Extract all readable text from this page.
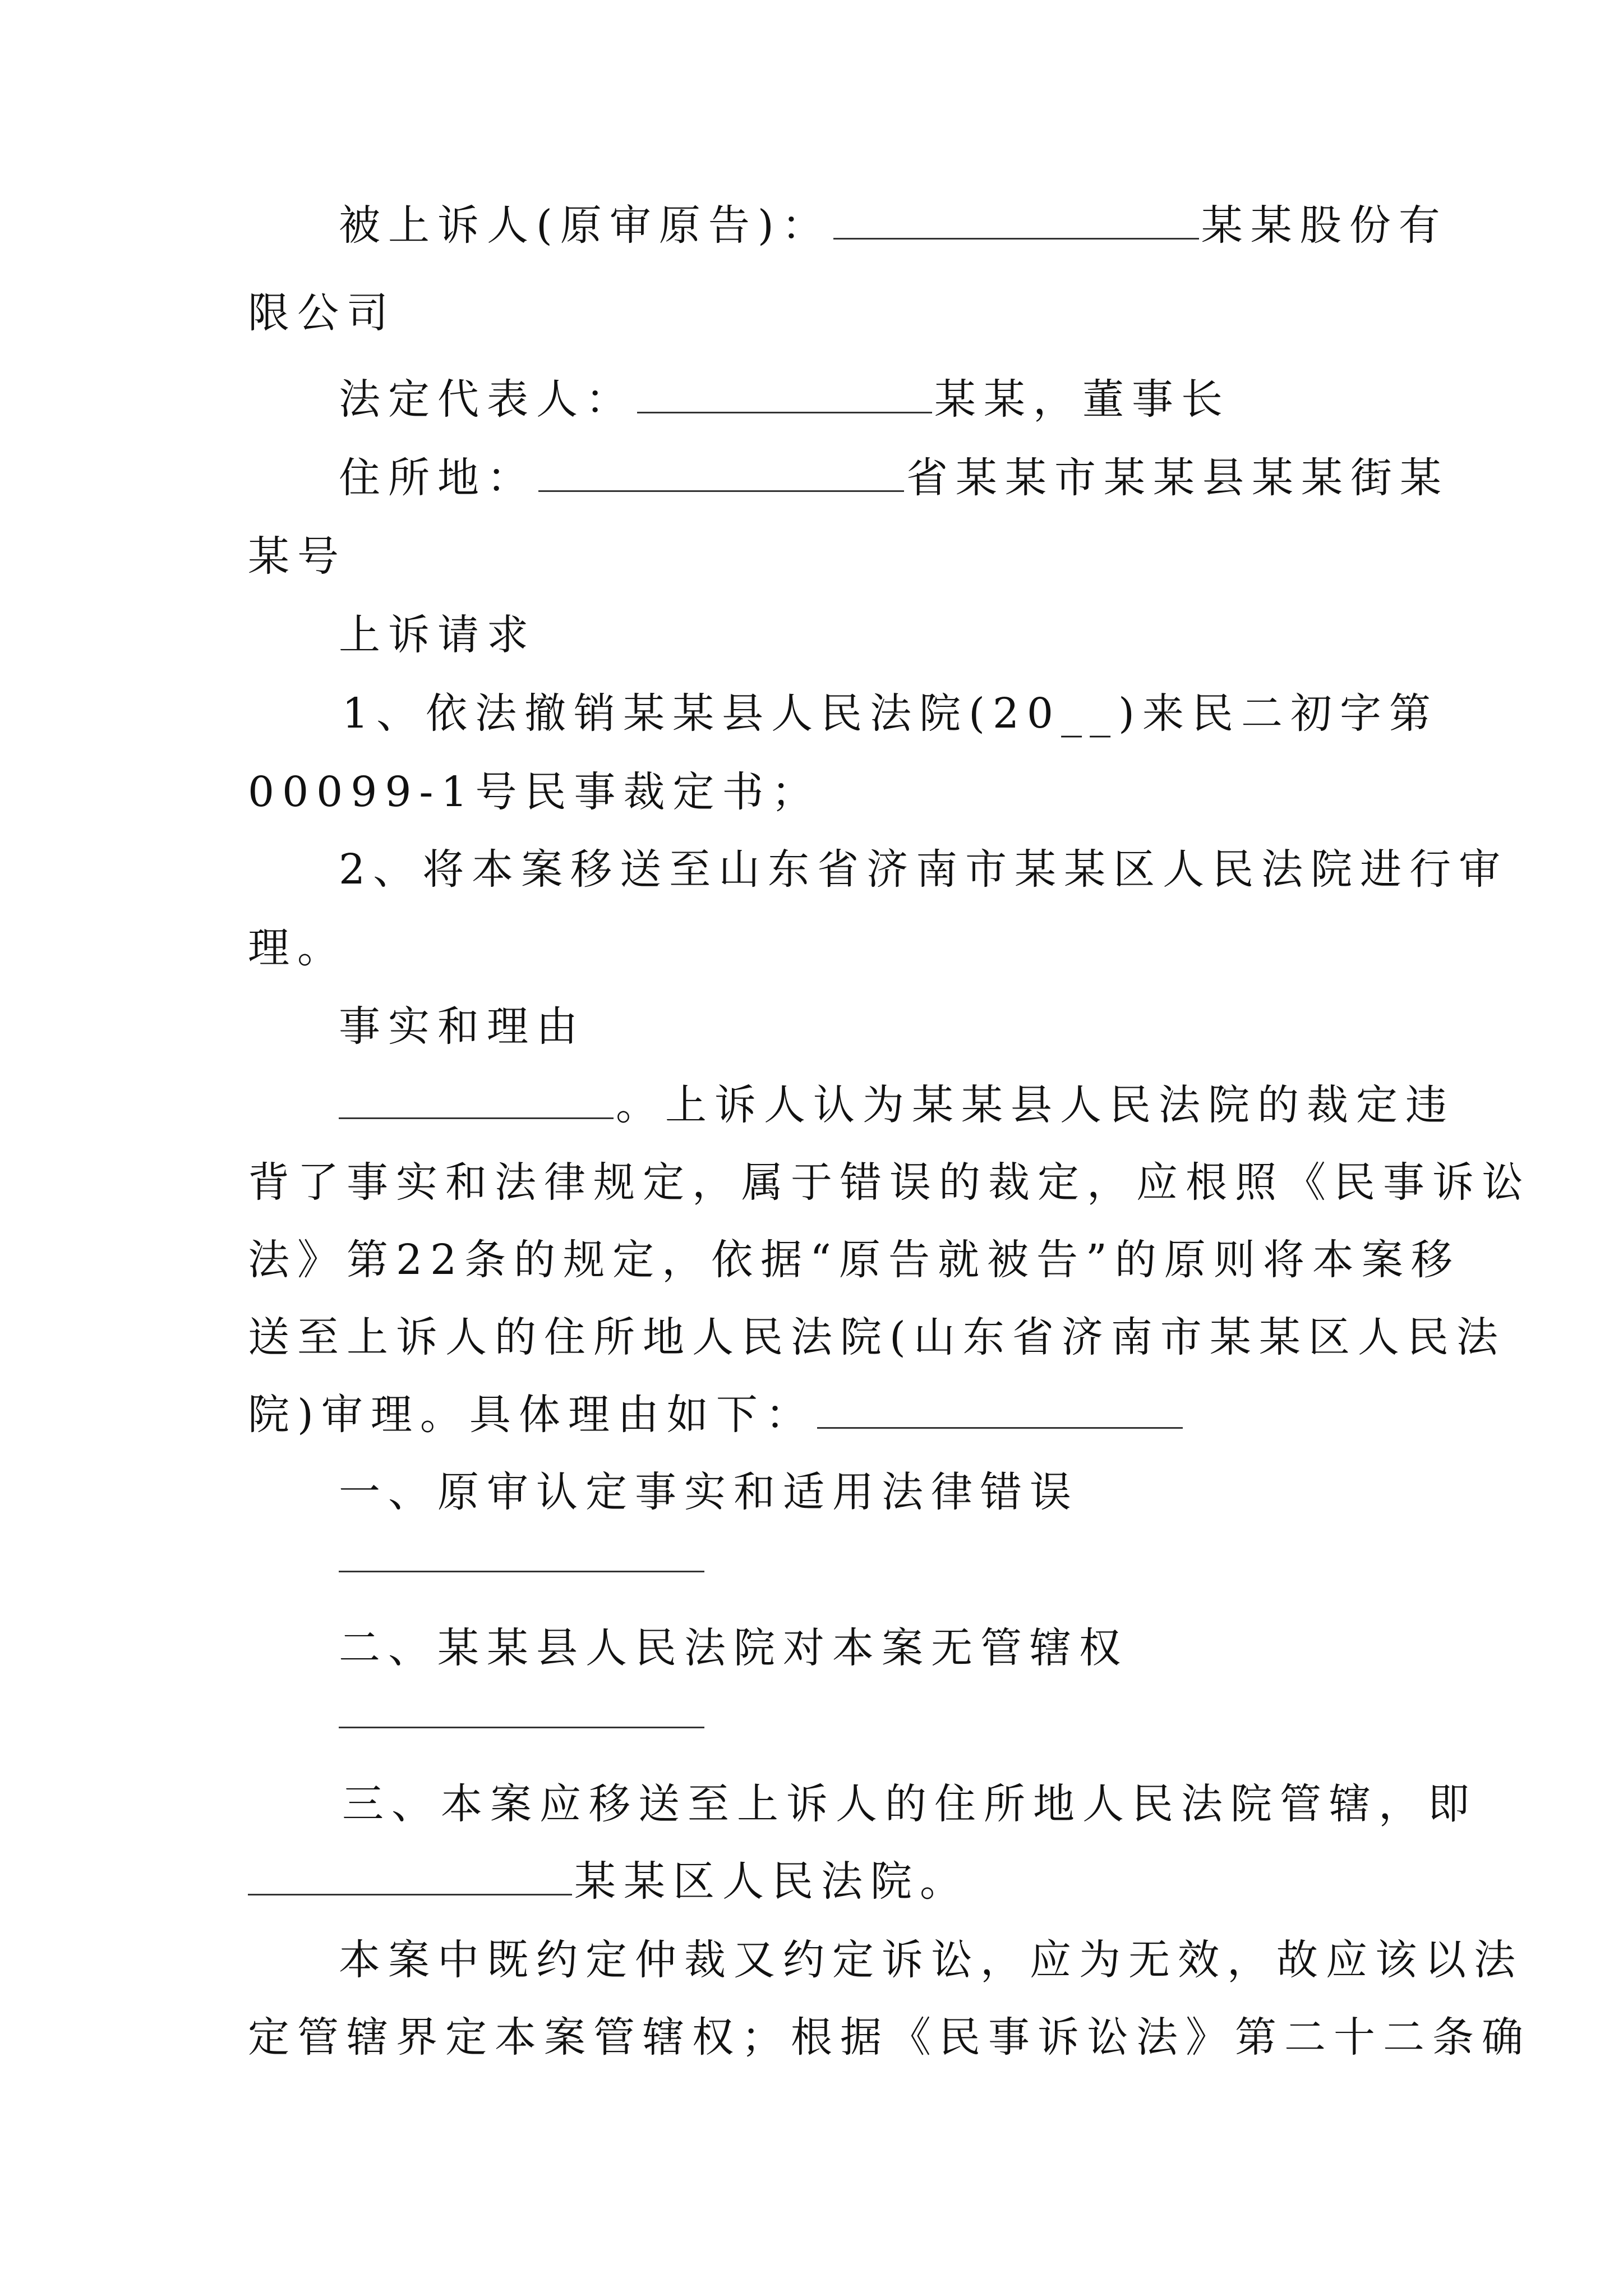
被上诉人(原审原告)：	某某股份有
限公司
法定代表人：	某某，董事长
住所地：	省某某市某某县某某街某
某号
上诉请求
1、依法撤销某某县人民法院(20__)来民二初字第
00099-1号民事裁定书；
2、将本案移送至山东省济南市某某区人民法院进行审
理。
事实和理由
。上诉人认为某某县人民法院的裁定违
背了事实和法律规定，属于错误的裁定，应根照《民事诉讼
法》第22条的规定，依据“原告就被告”的原则将本案移
送至上诉人的住所地人民法院(山东省济南市某某区人民法
院)审理。具体理由如下：
一、原审认定事实和适用法律错误
二、某某县人民法院对本案无管辖权
三、本案应移送至上诉人的住所地人民法院管辖，即
某某区人民法院。
本案中既约定仲裁又约定诉讼，应为无效，故应该以法
定管辖界定本案管辖权；根据《民事诉讼法》第二十二条确
